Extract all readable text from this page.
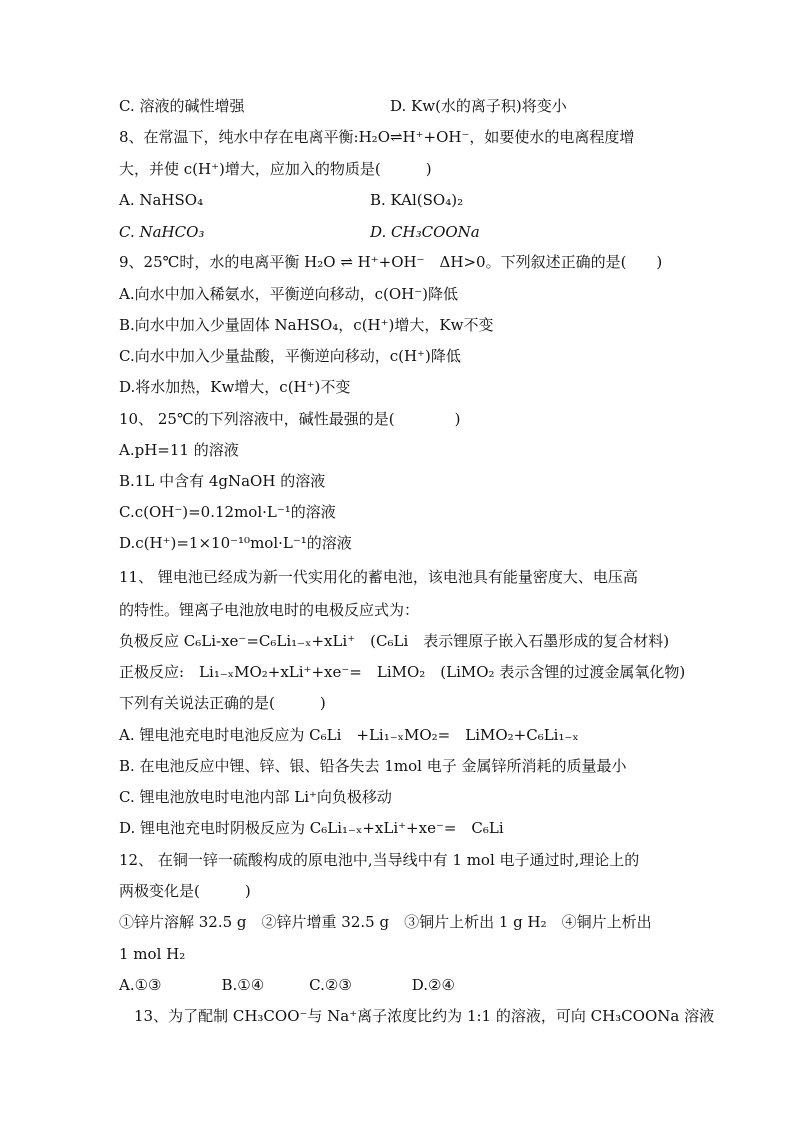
C. 溶液的碱性增强	D. Kw(水的离子积)将变小
8、在常温下，纯水中存在电离平衡:H₂O⇌H⁺+OH⁻，如要使水的电离程度增
大，并使 c(H⁺)增大，应加入的物质是(　　　)
A. NaHSO₄	B. KAl(SO₄)₂
C. NaHCO₃	D. CH₃COONa
9、25℃时，水的电离平衡 H₂O ⇌ H⁺+OH⁻　ΔH>0。下列叙述正确的是(　　)
A.向水中加入稀氨水，平衡逆向移动，c(OH⁻)降低
B.向水中加入少量固体 NaHSO₄，c(H⁺)增大，Kw不变
C.向水中加入少量盐酸，平衡逆向移动，c(H⁺)降低
D.将水加热，Kw增大，c(H⁺)不变
10、 25℃的下列溶液中，碱性最强的是(　　　　)
A.pH=11 的溶液
B.1L 中含有 4gNaOH 的溶液
C.c(OH⁻)=0.12mol·L⁻¹的溶液
D.c(H⁺)=1×10⁻¹⁰mol·L⁻¹的溶液
11、 锂电池已经成为新一代实用化的蓄电池，该电池具有能量密度大、电压高
的特性。锂离子电池放电时的电极反应式为：
负极反应 C₆Li-xe⁻=C₆Li₁₋ₓ+xLi⁺　(C₆Li　表示锂原子嵌入石墨形成的复合材料)
正极反应:　Li₁₋ₓMO₂+xLi⁺+xe⁻=　LiMO₂　(LiMO₂ 表示含锂的过渡金属氧化物)
下列有关说法正确的是(　　　)
A. 锂电池充电时电池反应为 C₆Li　+Li₁₋ₓMO₂=　LiMO₂+C₆Li₁₋ₓ
B. 在电池反应中锂、锌、银、铅各失去 1mol 电子 金属锌所消耗的质量最小
C. 锂电池放电时电池内部 Li⁺向负极移动
D. 锂电池充电时阴极反应为 C₆Li₁₋ₓ+xLi⁺+xe⁻=　C₆Li
12、 在铜一锌一硫酸构成的原电池中,当导线中有 1 mol 电子通过时,理论上的
两极变化是(　　　)
①锌片溶解 32.5 g　②锌片增重 32.5 g　③铜片上析出 1 g H₂　④铜片上析出
1 mol H₂
A.①③　　　　B.①④　　　C.②③　　　　D.②④
13、为了配制 CH₃COO⁻与 Na⁺离子浓度比约为 1:1 的溶液，可向 CH₃COONa 溶液
